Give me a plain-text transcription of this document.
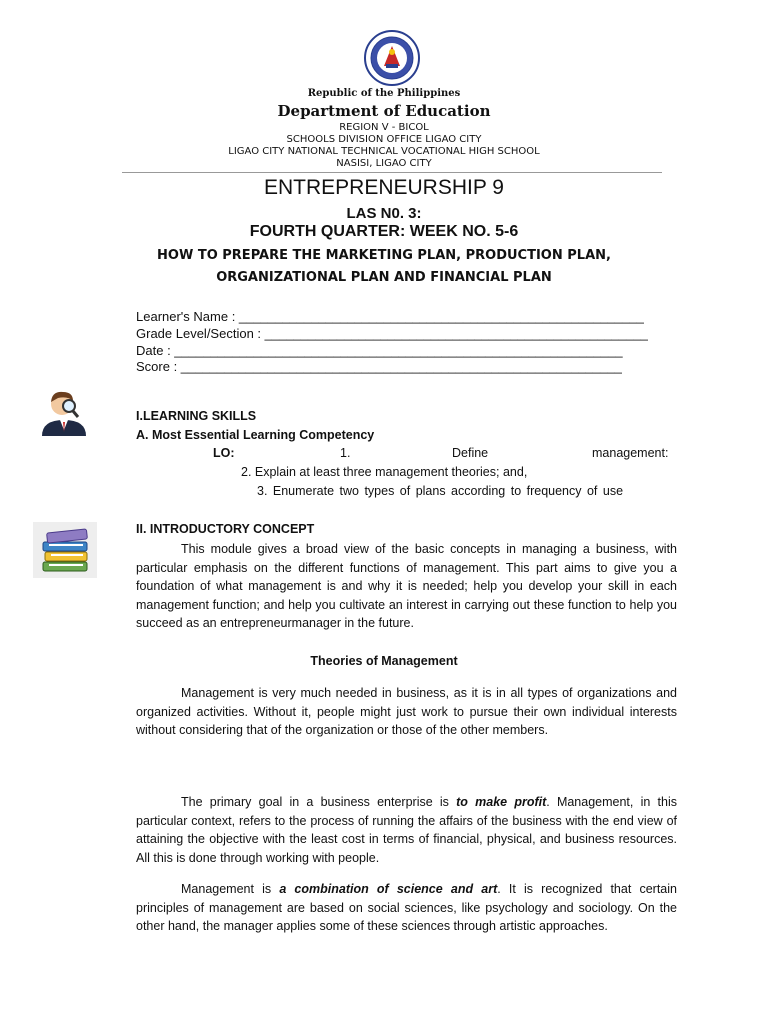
Republic of the Philippines
Department of Education
REGION V - BICOL
SCHOOLS DIVISION OFFICE LIGAO CITY
LIGAO CITY NATIONAL TECHNICAL VOCATIONAL HIGH SCHOOL
NASISI, LIGAO CITY
ENTREPRENEURSHIP 9
LAS N0. 3:
FOURTH QUARTER: WEEK NO. 5-6
HOW TO PREPARE THE MARKETING PLAN, PRODUCTION PLAN,
ORGANIZATIONAL PLAN AND FINANCIAL PLAN
Learner's Name : ________________________________________________________
Grade Level/Section : _____________________________________________________
Date : ______________________________________________________________
Score : _____________________________________________________________
I.LEARNING SKILLS
A. Most Essential Learning Competency
LO:	1.	Define	management:
2. Explain at least three management theories; and,
3. Enumerate two types of plans according to frequency of use
II. INTRODUCTORY CONCEPT
This module gives a broad view of the basic concepts in managing a business, with particular emphasis on the different functions of management. This part aims to give you a foundation of what management is and why it is needed; help you develop your skill in each management function; and help you cultivate an interest in carrying out these function to help you succeed as an entrepreneurmanager in the future.
Theories of Management
Management is very much needed in business, as it is in all types of organizations and organized activities. Without it, people might just work to pursue their own individual interests without considering that of the organization or those of the other members.
The primary goal in a business enterprise is to make profit. Management, in this particular context, refers to the process of running the affairs of the business with the end view of attaining the objective with the least cost in terms of financial, physical, and business resources. All this is done through working with people.
Management is a combination of science and art. It is recognized that certain principles of management are based on social sciences, like psychology and sociology. On the other hand, the manager applies some of these sciences through artistic approaches.
